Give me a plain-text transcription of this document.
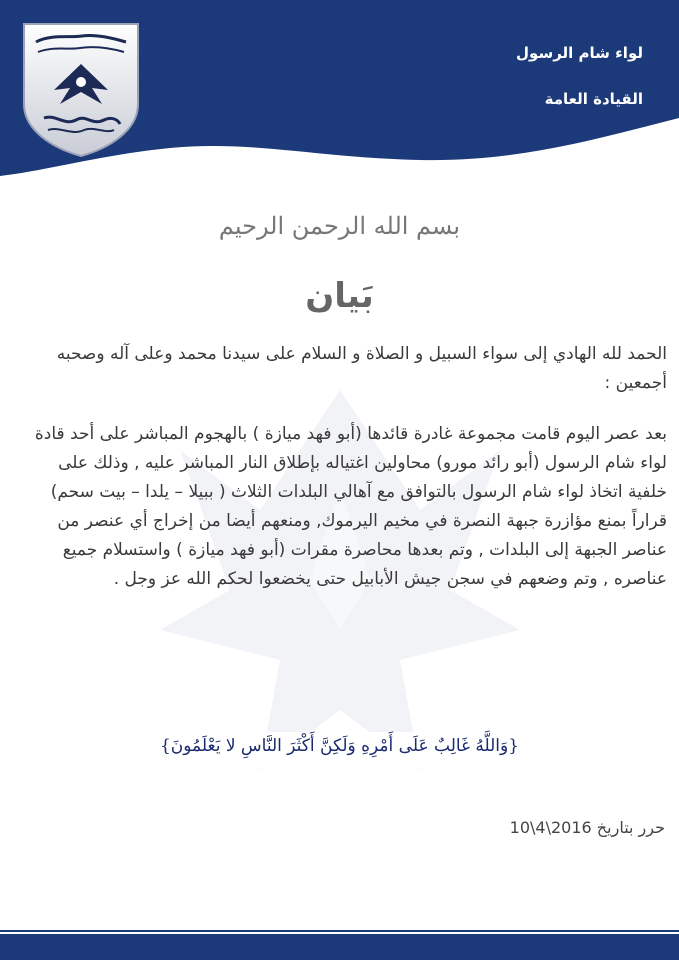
لواء شام الرسول
القيادة العامة
بسم الله الرحمن الرحيم
بَيان
الحمد لله الهادي إلى سواء السبيل و الصلاة و السلام على سيدنا محمد وعلى آله وصحبه أجمعين :
بعد عصر اليوم قامت مجموعة غادرة قائدها (أبو فهد ميازة ) بالهجوم المباشر على أحد قادة لواء شام الرسول (أبو رائد مورو) محاولين اغتياله بإطلاق النار المباشر عليه , وذلك على خلفية اتخاذ لواء شام الرسول بالتوافق مع آهالي البلدات الثلاث ( ببيلا – يلدا – بيت سحم) قراراً بمنع مؤازرة جبهة النصرة في مخيم اليرموك, ومنعهم أيضا من إخراج أي عنصر من عناصر الجبهة إلى البلدات , وتم بعدها محاصرة مقرات (أبو فهد ميازة ) واستسلام جميع عناصره , وتم وضعهم في سجن جيش الأبابيل حتى يخضعوا لحكم الله عز وجل .
{وَاللَّهُ غَالِبٌ عَلَى أَمْرِهِ وَلَكِنَّ أَكْثَرَ النَّاسِ لا يَعْلَمُونَ}
حرر بتاريخ 2016\4\10
